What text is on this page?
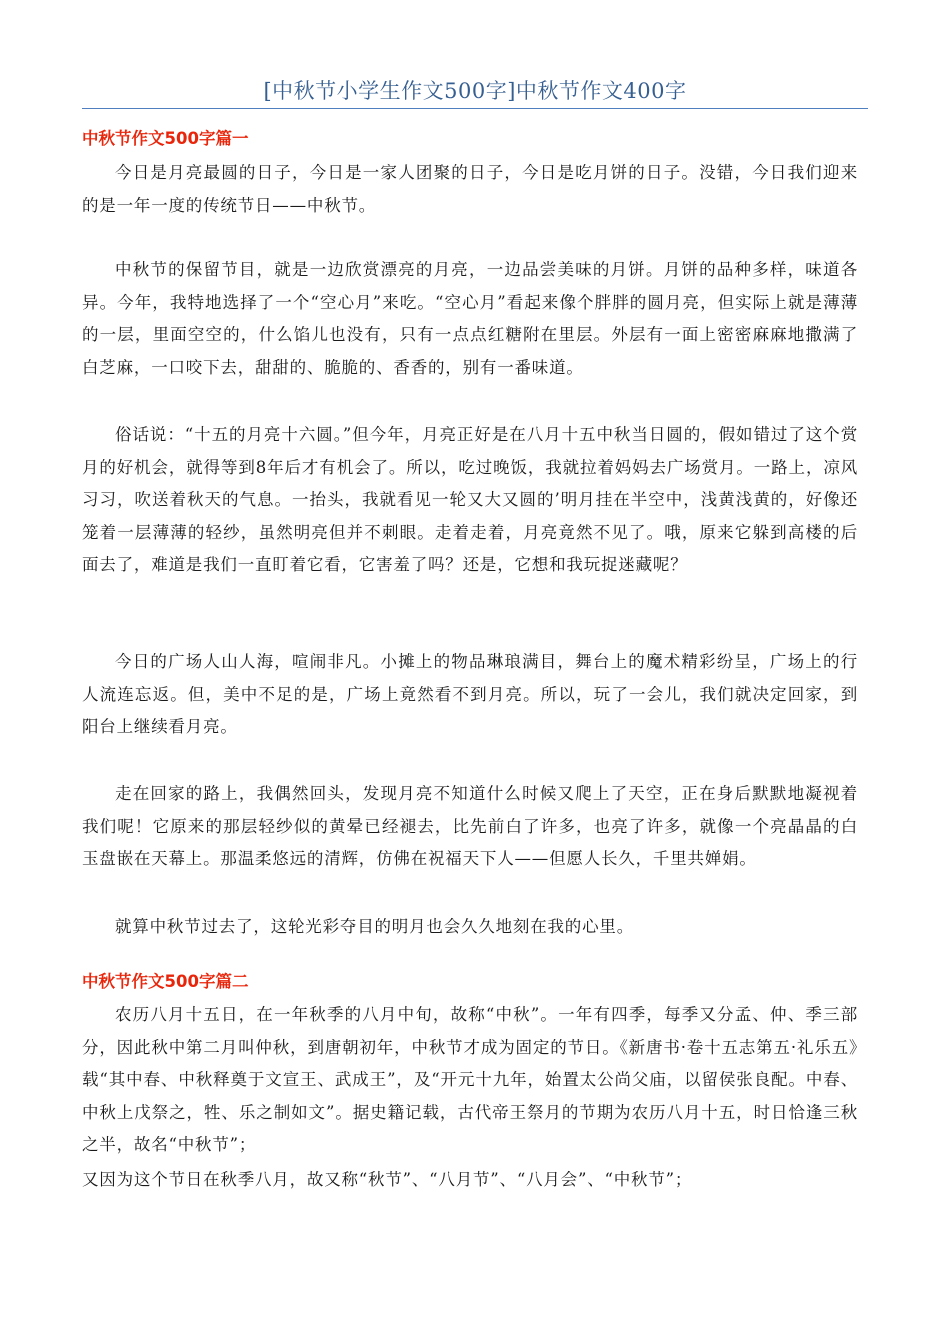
[中秋节小学生作文500字]中秋节作文400字
中秋节作文500字篇一

今日是月亮最圆的日子，今日是一家人团聚的日子，今日是吃月饼的日子。没错，今日我们迎来的是一年一度的传统节日——中秋节。

中秋节的保留节目，就是一边欣赏漂亮的月亮，一边品尝美味的月饼。月饼的品种多样，味道各异。今年，我特地选择了一个“空心月”来吃。“空心月”看起来像个胖胖的圆月亮，但实际上就是薄薄的一层，里面空空的，什么馅儿也没有，只有一点点红糖附在里层。外层有一面上密密麻麻地撒满了白芝麻，一口咬下去，甜甜的、脆脆的、香香的，别有一番味道。

俗话说：“十五的月亮十六圆。”但今年，月亮正好是在八月十五中秋当日圆的，假如错过了这个赏月的好机会，就得等到8年后才有机会了。所以，吃过晚饭，我就拉着妈妈去广场赏月。一路上，凉风习习，吹送着秋天的气息。一抬头，我就看见一轮又大又圆的’明月挂在半空中，浅黄浅黄的，好像还笼着一层薄薄的轻纱，虽然明亮但并不刺眼。走着走着，月亮竟然不见了。哦，原来它躲到高楼的后面去了，难道是我们一直盯着它看，它害羞了吗？还是，它想和我玩捉迷藏呢？

今日的广场人山人海，喧闹非凡。小摊上的物品琳琅满目，舞台上的魔术精彩纷呈，广场上的行人流连忘返。但，美中不足的是，广场上竟然看不到月亮。所以，玩了一会儿，我们就决定回家，到阳台上继续看月亮。

走在回家的路上，我偶然回头，发现月亮不知道什么时候又爬上了天空，正在身后默默地凝视着我们呢！它原来的那层轻纱似的黄晕已经褪去，比先前白了许多，也亮了许多，就像一个亮晶晶的白玉盘嵌在天幕上。那温柔悠远的清辉，仿佛在祝福天下人——但愿人长久，千里共婵娟。

就算中秋节过去了，这轮光彩夺目的明月也会久久地刻在我的心里。

中秋节作文500字篇二

农历八月十五日，在一年秋季的八月中旬，故称“中秋”。一年有四季，每季又分孟、仲、季三部分，因此秋中第二月叫仲秋，到唐朝初年，中秋节才成为固定的节日。《新唐书·卷十五志第五·礼乐五》载“其中春、中秋释奠于文宣王、武成王”，及“开元十九年，始置太公尚父庙，以留侯张良配。中春、中秋上戊祭之，牲、乐之制如文”。据史籍记载，古代帝王祭月的节期为农历八月十五，时日恰逢三秋之半，故名“中秋节”；

又因为这个节日在秋季八月，故又称“秋节”、“八月节”、“八月会”、“中秋节”；
